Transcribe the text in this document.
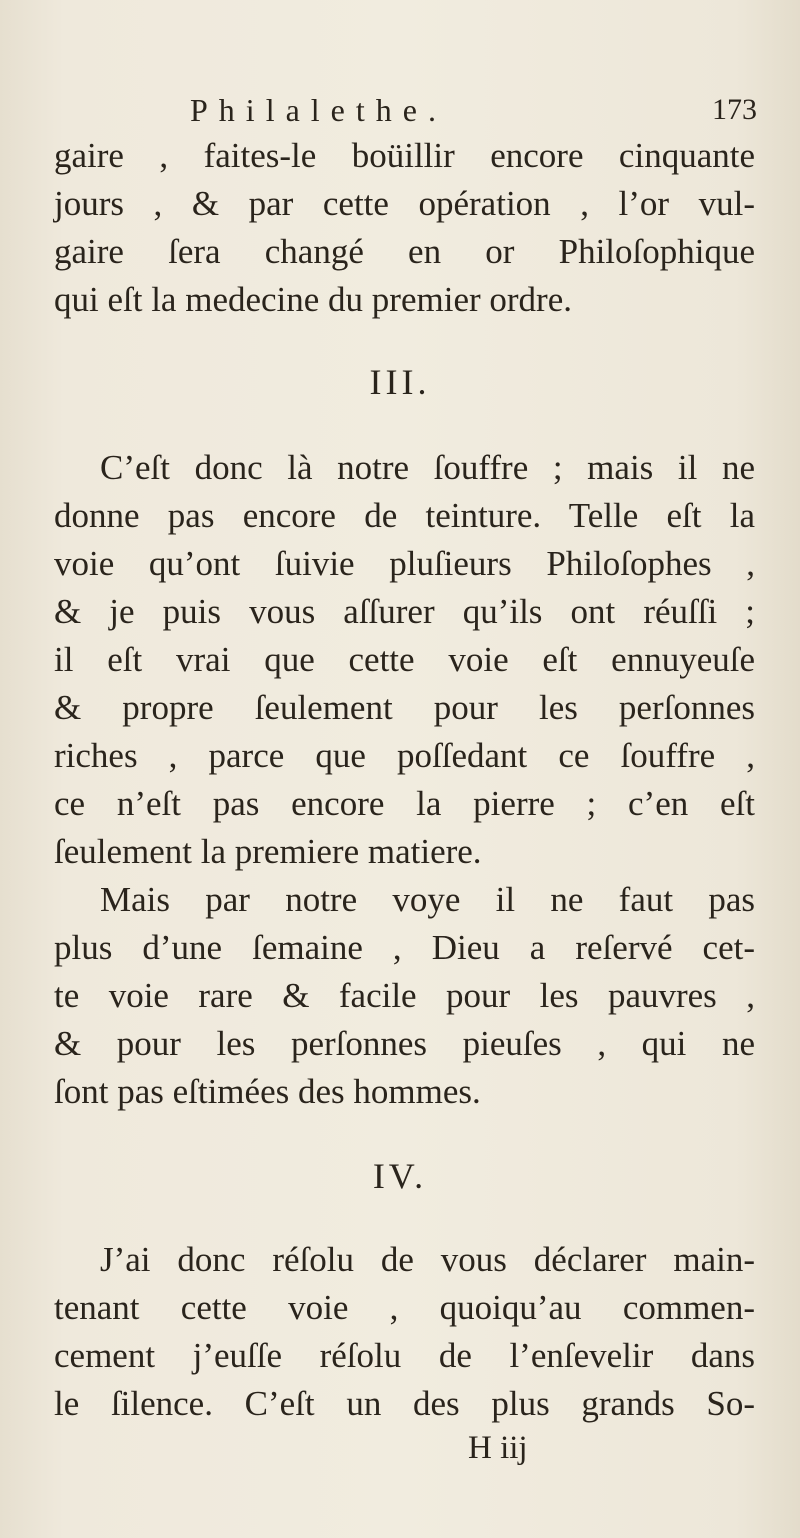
Philalethe.	173
gaire , faites-le boüillir encore cinquante
jours , & par cette opération , l’or vul-
gaire ſera changé en or Philoſophique
qui eſt la medecine du premier ordre.
III.
C’eſt donc là notre ſouffre ; mais il ne
donne pas encore de teinture. Telle eſt la
voie qu’ont ſuivie pluſieurs Philoſophes ,
& je puis vous aſſurer qu’ils ont réuſſi ;
il eſt vrai que cette voie eſt ennuyeuſe
& propre ſeulement pour les perſonnes
riches , parce que poſſedant ce ſouffre ,
ce n’eſt pas encore la pierre ; c’en eſt
ſeulement la premiere matiere.
Mais par notre voye il ne faut pas
plus d’une ſemaine , Dieu a reſervé cet-
te voie rare & facile pour les pauvres ,
& pour les perſonnes pieuſes , qui ne
ſont pas eſtimées des hommes.
IV.
J’ai donc réſolu de vous déclarer main-
tenant cette voie , quoiqu’au commen-
cement j’euſſe réſolu de l’enſevelir dans
le ſilence. C’eſt un des plus grands So-
H iij
